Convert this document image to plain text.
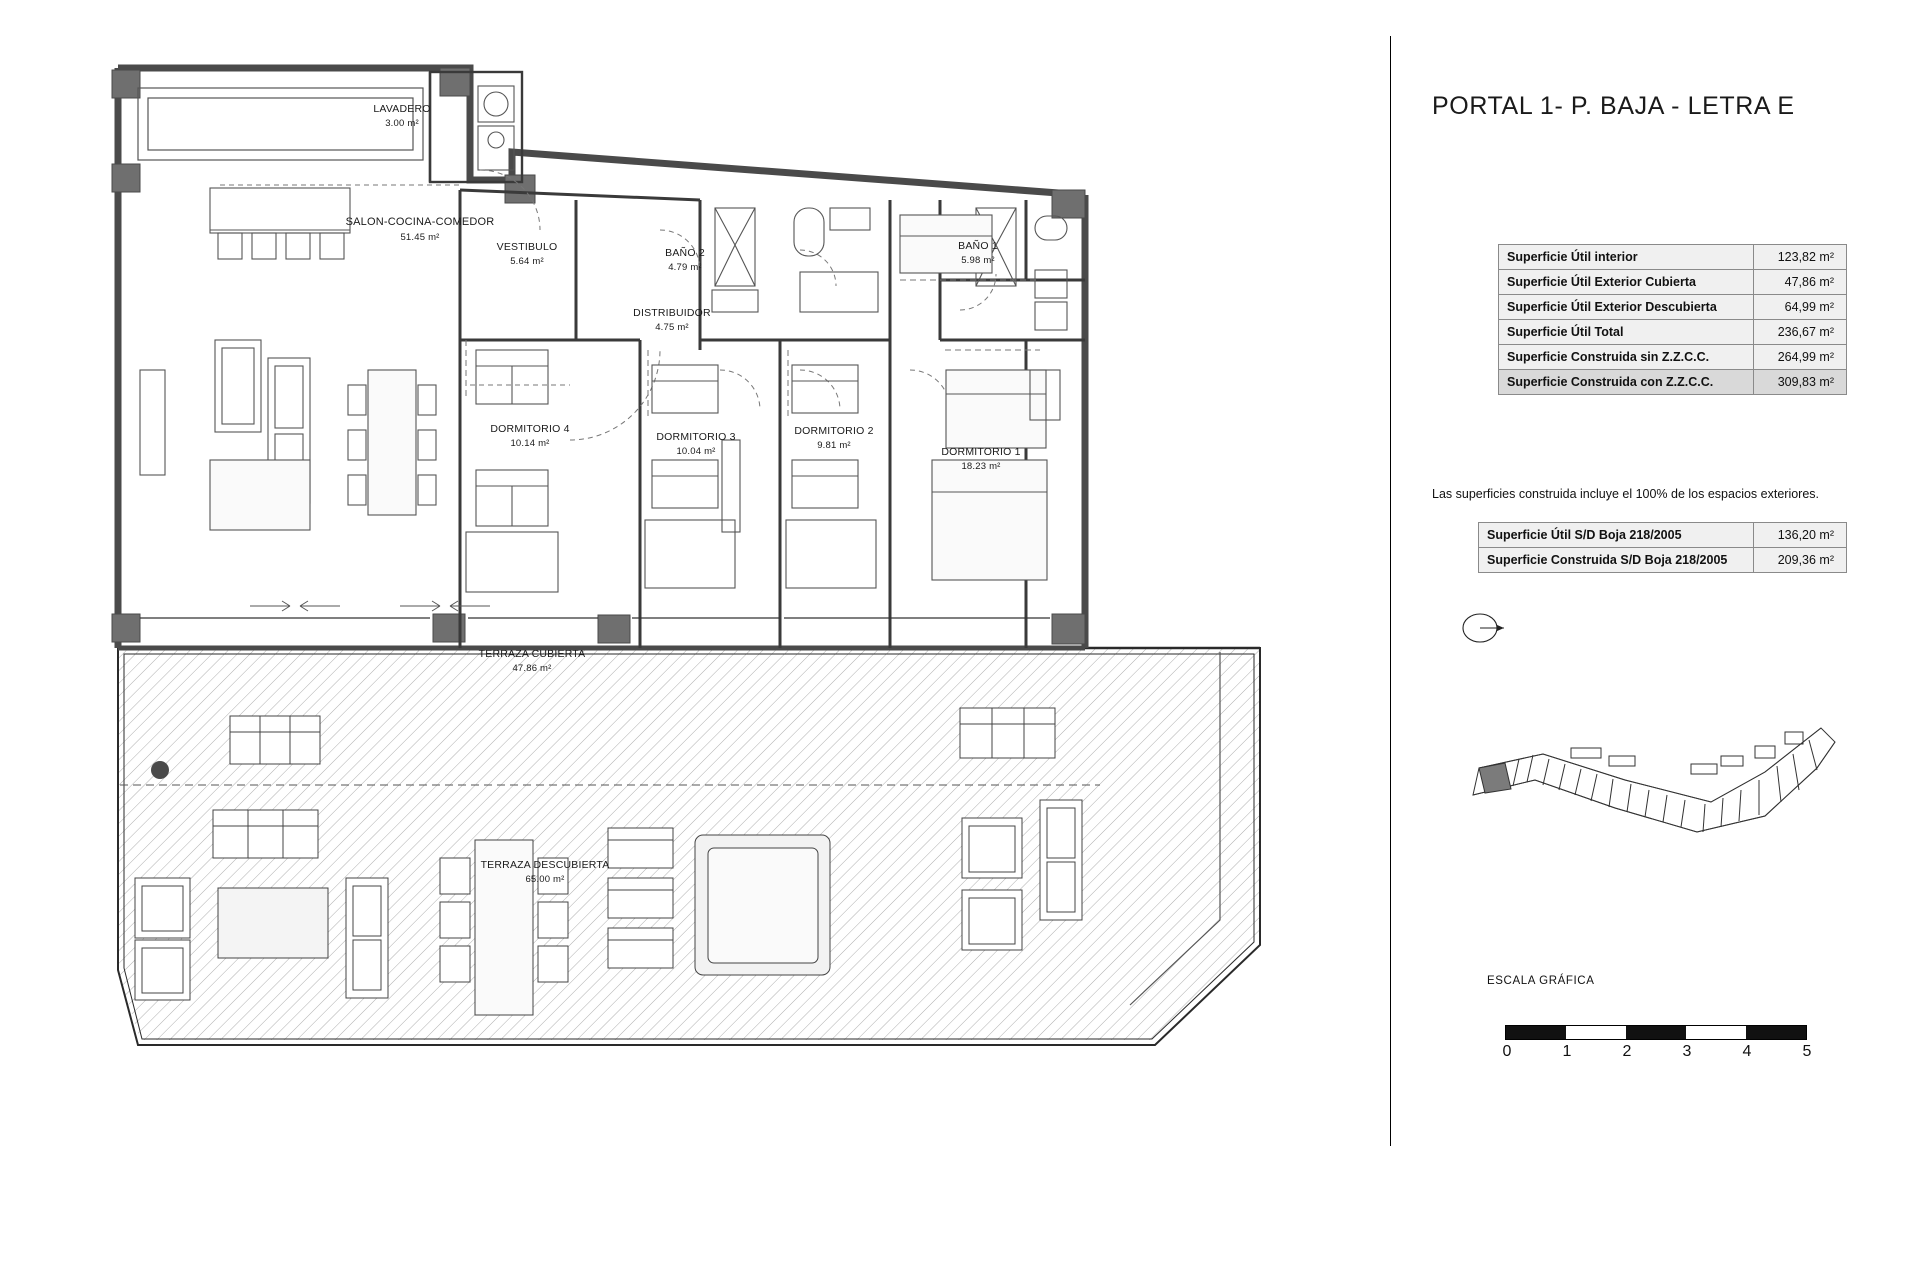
PORTAL 1- P. BAJA - LETRA E
Superficie Útil interior	123,82 m²
Superficie Útil Exterior Cubierta	47,86 m²
Superficie Útil Exterior Descubierta	64,99 m²
Superficie Útil Total	236,67 m²
Superficie Construida sin Z.Z.C.C.	264,99 m²
Superficie Construida con Z.Z.C.C.	309,83 m²
Las superficies construida incluye el 100% de los espacios exteriores.
Superficie Útil S/D Boja 218/2005	136,20 m²
Superficie Construida S/D Boja 218/2005	209,36 m²
ESCALA GRÁFICA
0	1	2	3	4	5
LAVADERO
3.00 m²
SALON-COCINA-COMEDOR
51.45 m²
VESTIBULO
5.64 m²
BAÑO 2
4.79 m²
BAÑO 1
5.98 m²
DISTRIBUIDOR
4.75 m²
DORMITORIO 4
10.14 m²
DORMITORIO 3
10.04 m²
DORMITORIO 2
9.81 m²
DORMITORIO 1
18.23 m²
TERRAZA CUBIERTA
47.86 m²
TERRAZA DESCUBIERTA
65.00 m²
